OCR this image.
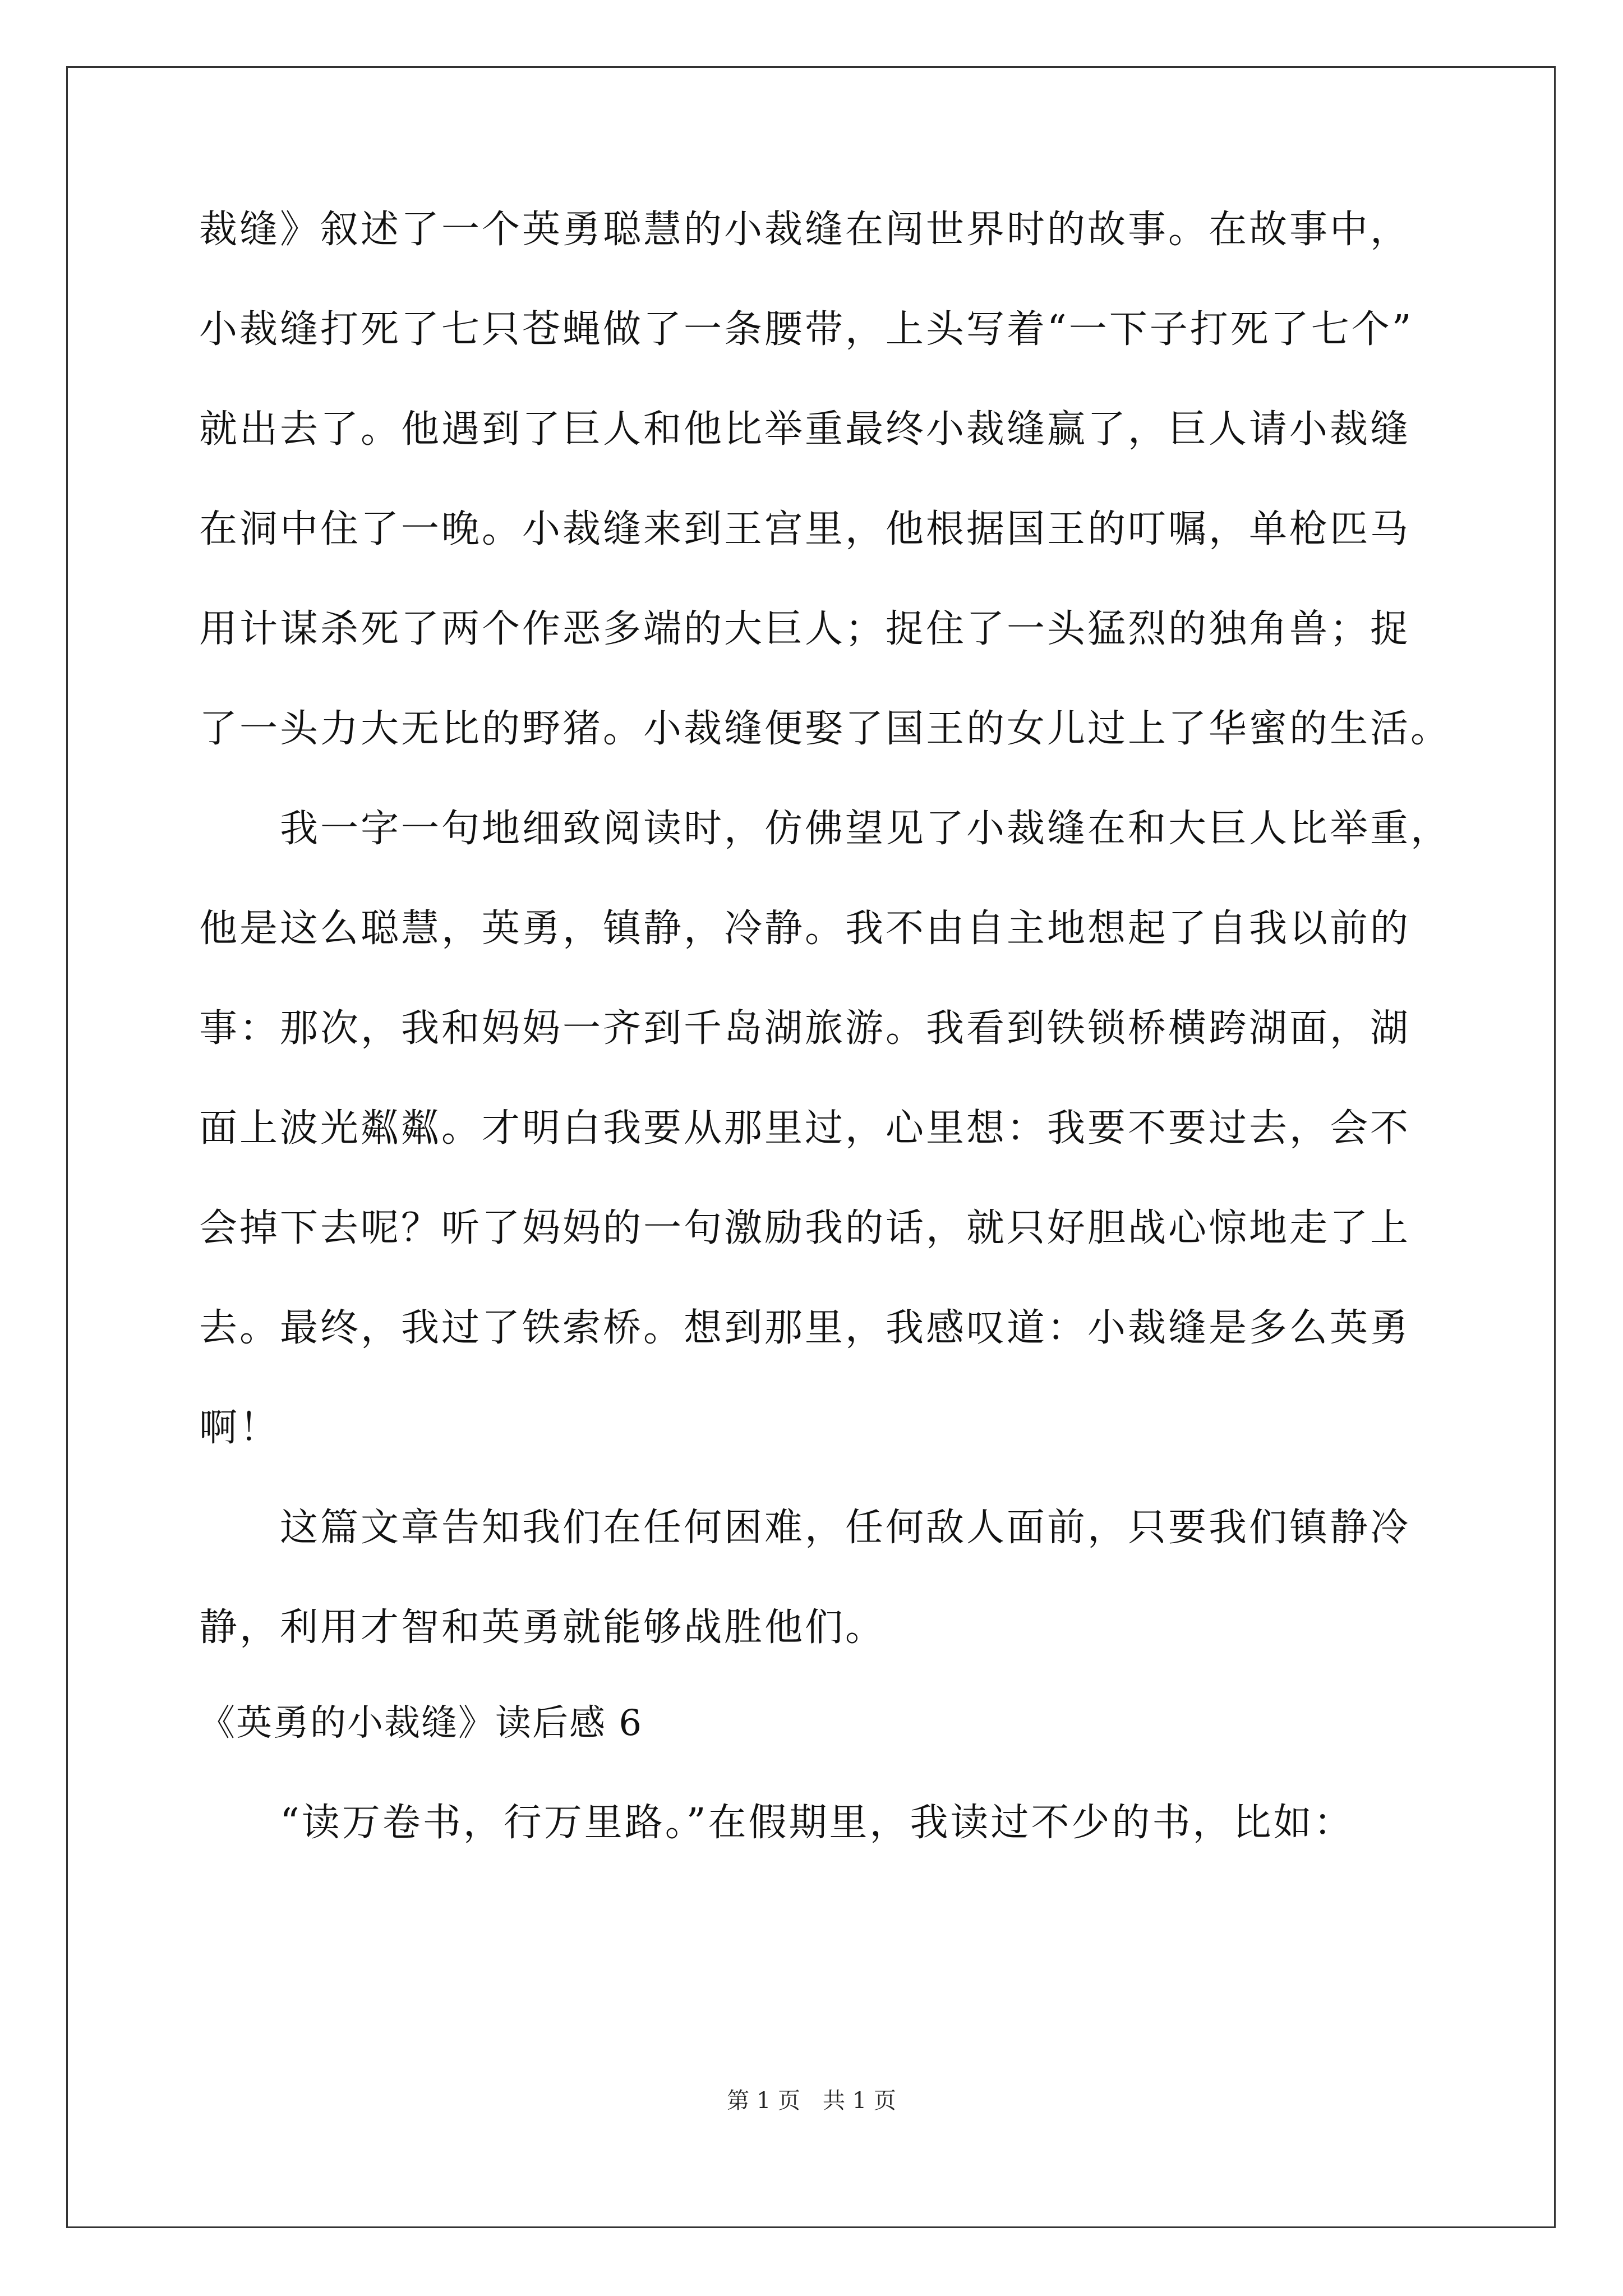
裁缝》叙述了一个英勇聪慧的小裁缝在闯世界时的故事。在故事中，
小裁缝打死了七只苍蝇做了一条腰带，上头写着“一下子打死了七个”
就出去了。他遇到了巨人和他比举重最终小裁缝赢了，巨人请小裁缝
在洞中住了一晚。小裁缝来到王宫里，他根据国王的叮嘱，单枪匹马
用计谋杀死了两个作恶多端的大巨人；捉住了一头猛烈的独角兽；捉
了一头力大无比的野猪。小裁缝便娶了国王的女儿过上了华蜜的生活。
　　我一字一句地细致阅读时，仿佛望见了小裁缝在和大巨人比举重，
他是这么聪慧，英勇，镇静，冷静。我不由自主地想起了自我以前的
事：那次，我和妈妈一齐到千岛湖旅游。我看到铁锁桥横跨湖面，湖
面上波光粼粼。才明白我要从那里过，心里想：我要不要过去，会不
会掉下去呢？听了妈妈的一句激励我的话，就只好胆战心惊地走了上
去。最终，我过了铁索桥。想到那里，我感叹道：小裁缝是多么英勇
啊！
　　这篇文章告知我们在任何困难，任何敌人面前，只要我们镇静冷
静，利用才智和英勇就能够战胜他们。
《英勇的小裁缝》读后感 6
　　“读万卷书，行万里路。”在假期里，我读过不少的书，比如：
第 1 页　共 1 页
